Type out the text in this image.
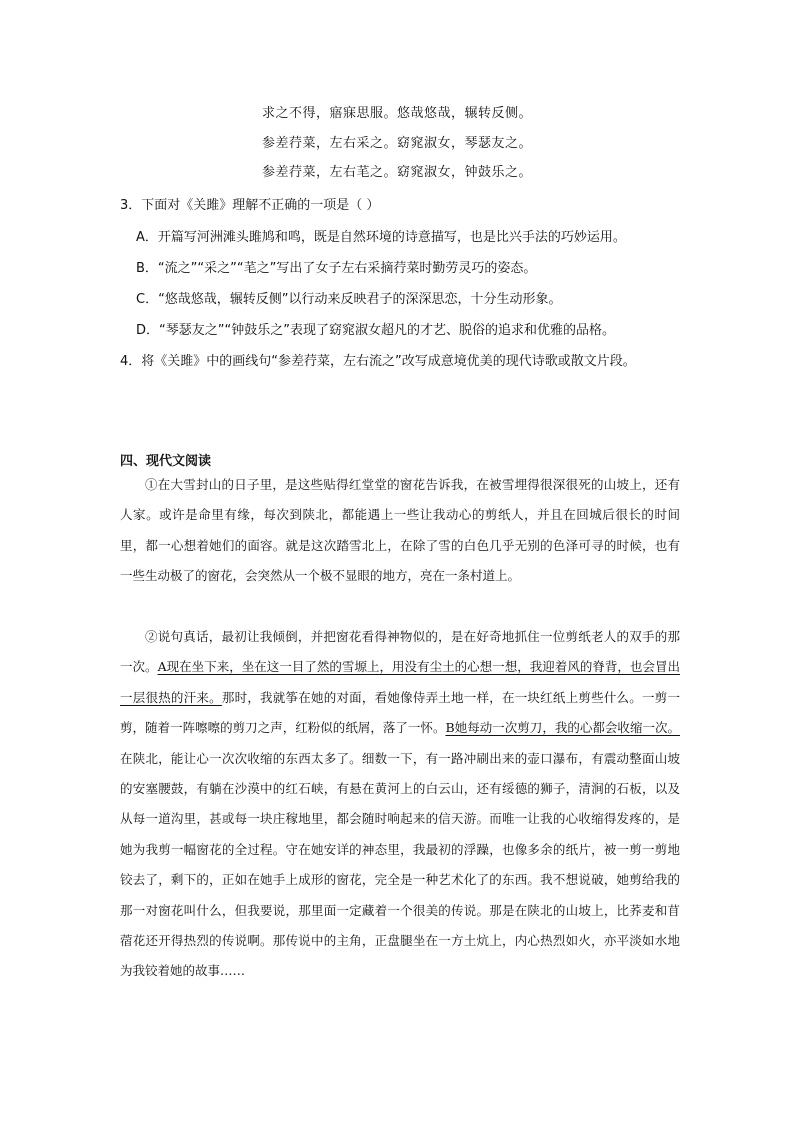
求之不得，寤寐思服。悠哉悠哉，辗转反侧。
参差荇菜，左右采之。窈窕淑女，琴瑟友之。
参差荇菜，左右芼之。窈窕淑女，钟鼓乐之。
3．下面对《关雎》理解不正确的一项是（ ）
A．开篇写河洲滩头雎鸠和鸣，既是自然环境的诗意描写，也是比兴手法的巧妙运用。
B．“流之”“采之”“芼之”写出了女子左右采摘荇菜时勤劳灵巧的姿态。
C．“悠哉悠哉，辗转反侧”以行动来反映君子的深深思恋，十分生动形象。
D．“琴瑟友之”“钟鼓乐之”表现了窈窕淑女超凡的才艺、脱俗的追求和优雅的品格。
4．将《关雎》中的画线句“参差荇菜，左右流之”改写成意境优美的现代诗歌或散文片段。
四、现代文阅读
①在大雪封山的日子里，是这些贴得红堂堂的窗花告诉我，在被雪埋得很深很死的山坡上，还有人家。或许是命里有缘，每次到陕北，都能遇上一些让我动心的剪纸人，并且在回城后很长的时间里，都一心想着她们的面容。就是这次踏雪北上，在除了雪的白色几乎无别的色泽可寻的时候，也有一些生动极了的窗花，会突然从一个极不显眼的地方，亮在一条村道上。
②说句真话，最初让我倾倒，并把窗花看得神物似的，是在好奇地抓住一位剪纸老人的双手的那一次。A现在坐下来，坐在这一目了然的雪塬上，用没有尘土的心想一想，我迎着风的脊背，也会冒出一层很热的汗来。那时，我就筝在她的对面，看她像侍弄土地一样，在一块红纸上剪些什么。一剪一剪，随着一阵嚓嚓的剪刀之声，红粉似的纸屑，落了一怀。B她每动一次剪刀，我的心都会收缩一次。在陕北，能让心一次次收缩的东西太多了。细数一下，有一路冲刷出来的壶口瀑布，有震动整面山坡的安塞腰鼓，有躺在沙漠中的红石峡，有悬在黄河上的白云山，还有绥德的狮子，清涧的石板，以及从每一道沟里，甚或每一块庄稼地里，都会随时响起来的信天游。而唯一让我的心收缩得发疼的，是她为我剪一幅窗花的全过程。守在她安详的神态里，我最初的浮躁，也像多余的纸片，被一剪一剪地铰去了，剩下的，正如在她手上成形的窗花，完全是一种艺术化了的东西。我不想说破，她剪给我的那一对窗花叫什么，但我要说，那里面一定藏着一个很美的传说。那是在陕北的山坡上，比荞麦和苜蓿花还开得热烈的传说啊。那传说中的主角，正盘腿坐在一方土炕上，内心热烈如火，亦平淡如水地为我铰着她的故事……
